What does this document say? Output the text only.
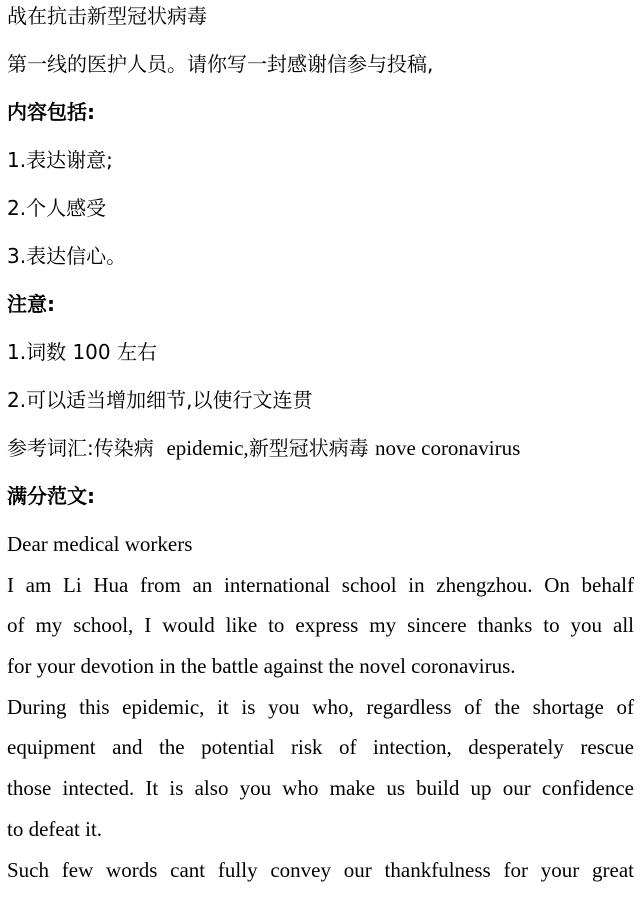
战在抗击新型冠状病毒
第一线的医护人员。请你写一封感谢信参与投稿,
内容包括:
1.表达谢意;
2.个人感受
3.表达信心。
注意:
1.词数 100 左右
2.可以适当增加细节,以使行文连贯
参考词汇:传染病 epidemic,新型冠状病毒 nove coronavirus
满分范文:
Dear medical workers
I am Li Hua from an international school in zhengzhou. On behalf
of my school, I would like to express my sincere thanks to you all
for your devotion in the battle against the novel coronavirus.
During this epidemic, it is you who, regardless of the shortage of
equipment and the potential risk of intection, desperately rescue
those intected. It is also you who make us build up our confidence
to defeat it.
Such few words cant fully convey our thankfulness for your great
